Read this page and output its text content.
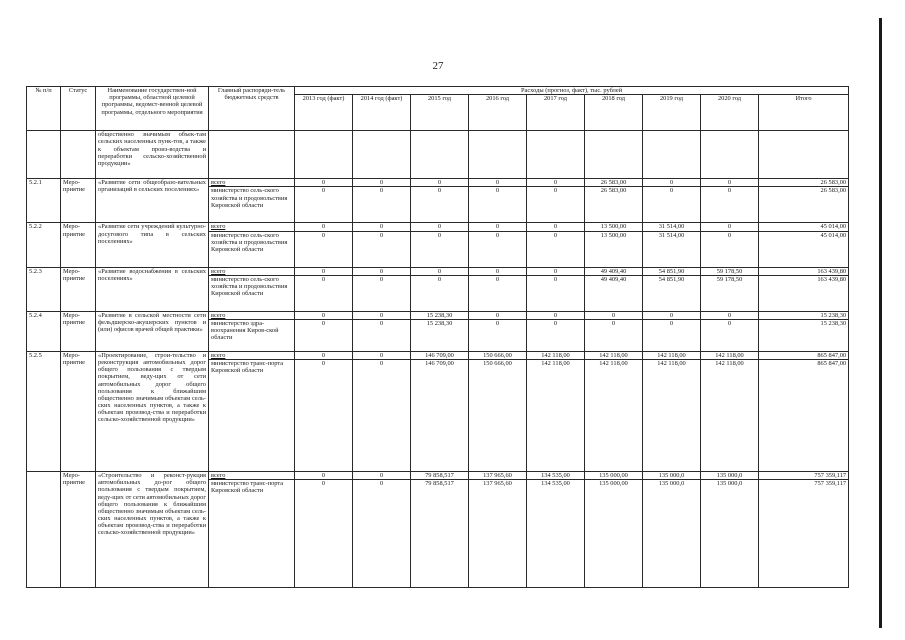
27
№ п/п	Статус	Наименование государствен-ной программы, областной целевой программы, ведомст-венной целевой программы, отдельного мероприятия	Главный распоряди-тель бюджетных средств	Расходы (прогноз, факт), тыс. рублей								
				2013 год (факт)	2014 год (факт)	2015 год	2016 год	2017 год	2018 год	2019 год	2020 год	Итого
		общественно значимым объек-там сельских населенных пунк-тов, а также к объектам произ-водства и переработки сельско-хозяйственной продукции»										
5.2.1	Меро-приятие	«Развитие сети общеобразо-вательных организаций в сельских поселениях»	всего	0	0	0	0	0	26 583,00	0	0	26 583,00
			министерство сель-ского хозяйства и продовольствия Кировской области	0	0	0	0	0	26 583,00	0	0	26 583,00
5.2.2	Меро-приятие	«Развитие сети учреждений культурно-досугового типа в сельских поселениях»	всего	0	0	0	0	0	13 500,00	31 514,00	0	45 014,00
			министерство сель-ского хозяйства и продовольствия Кировской области	0	0	0	0	0	13 500,00	31 514,00	0	45 014,00
5.2.3	Меро-приятие	«Развитие водоснабжения в сельских поселениях»	всего	0	0	0	0	0	49 409,40	54 851,90	59 178,50	163 439,80
			министерство сель-ского хозяйства и продовольствия Кировской области	0	0	0	0	0	49 409,40	54 851,90	59 178,50	163 439,80
5.2.4	Меро-приятие	«Развитие в сельской местности сети фельдшерско-акушерских пунктов и (или) офисов врачей общей практики»	всего	0	0	15 238,30	0	0	0	0	0	15 238,30
			министерство здра-воохранения Киров-ской области	0	0	15 238,30	0	0	0	0	0	15 238,30
5.2.5	Меро-приятие	«Проектирование, строи-тельство и реконструкция автомобильных дорог общего пользования с твердым покрытием, веду-щих от сети автомобильных дорог общего пользования к ближайшим общественно значимым объектам сель-ских населенных пунктов, а также к объектам производ-ства и переработки сельско-хозяйственной продукции»	всего	0	0	146 709,00	150 666,00	142 118,00	142 118,00	142 118,00	142 118,00	865 847,00
			министерство транс-порта Кировской области	0	0	146 709,00	150 666,00	142 118,00	142 118,00	142 118,00	142 118,00	865 847,00
	Меро-приятие	«Строительство и реконст-рукция автомобильных до-рог общего пользования с твердым покрытием, веду-щих от сети автомобильных дорог общего пользования к ближайшим общественно значимым объектам сель-ских населенных пунктов, а также к объектам производ-ства и переработки сельско-хозяйственной продукции»	всего	0	0	79 858,517	137 965,60	134 535,00	135 000,00	135 000,0	135 000,0	757 359,117
			министерство транс-порта Кировской области	0	0	79 858,517	137 965,60	134 535,00	135 000,00	135 000,0	135 000,0	757 359,117
